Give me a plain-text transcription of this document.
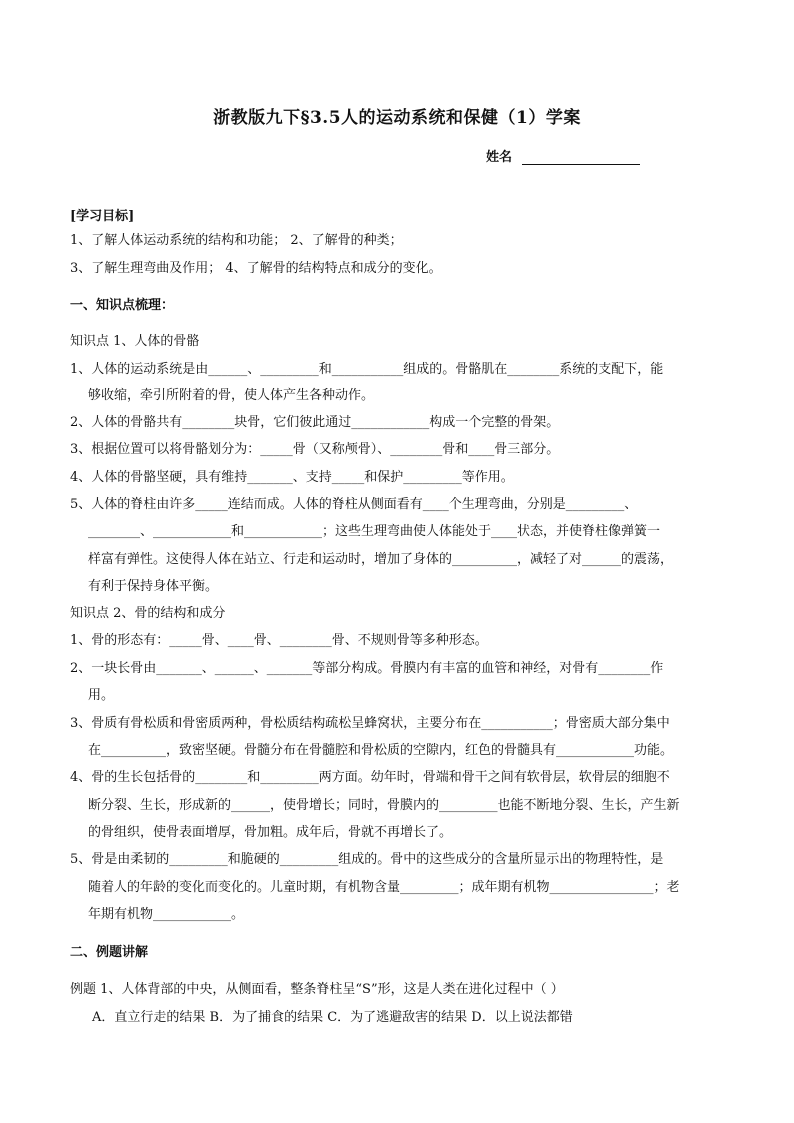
浙教版九下§3.5人的运动系统和保健（1）学案
姓名
[学习目标]
1、了解人体运动系统的结构和功能； 2、了解骨的种类；
3、了解生理弯曲及作用； 4、了解骨的结构特点和成分的变化。
一、知识点梳理：
知识点 1、人体的骨骼
1、人体的运动系统是由______、_________和___________组成的。骨骼肌在________系统的支配下，能
够收缩，牵引所附着的骨，使人体产生各种动作。
2、人体的骨骼共有________块骨，它们彼此通过____________构成一个完整的骨架。
3、根据位置可以将骨骼划分为：_____骨（又称颅骨）、________骨和____骨三部分。
4、人体的骨骼坚硬，具有维持_______、支持_____和保护_________等作用。
5、人体的脊柱由许多_____连结而成。人体的脊柱从侧面看有____个生理弯曲，分别是_________、
________、____________和____________；这些生理弯曲使人体能处于____状态，并使脊柱像弹簧一
样富有弹性。这使得人体在站立、行走和运动时，增加了身体的__________，减轻了对______的震荡，
有利于保持身体平衡。
知识点 2、骨的结构和成分
1、骨的形态有：_____骨、____骨、________骨、不规则骨等多种形态。
2、一块长骨由_______、______、_______等部分构成。骨膜内有丰富的血管和神经，对骨有________作
用。
3、骨质有骨松质和骨密质两种，骨松质结构疏松呈蜂窝状，主要分布在___________；骨密质大部分集中
在__________，致密坚硬。骨髓分布在骨髓腔和骨松质的空隙内，红色的骨髓具有____________功能。
4、骨的生长包括骨的________和_________两方面。幼年时，骨端和骨干之间有软骨层，软骨层的细胞不
断分裂、生长，形成新的______，使骨增长；同时，骨膜内的_________也能不断地分裂、生长，产生新
的骨组织，使骨表面增厚，骨加粗。成年后，骨就不再增长了。
5、骨是由柔韧的_________和脆硬的_________组成的。骨中的这些成分的含量所显示出的物理特性，是
随着人的年龄的变化而变化的。儿童时期，有机物含量_________；成年期有机物________________；老
年期有机物____________。
二、例题讲解
例题 1、人体背部的中央，从侧面看，整条脊柱呈“S”形，这是人类在进化过程中（ ）
A．直立行走的结果 B．为了捕食的结果 C．为了逃避敌害的结果 D．以上说法都错
